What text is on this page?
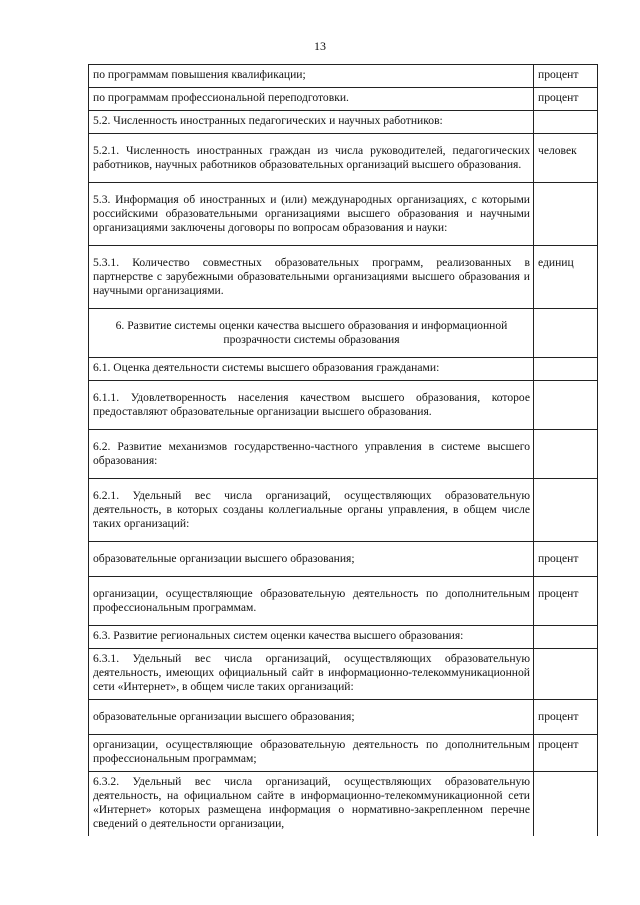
13
по программам повышения квалификации;	процент
по программам профессиональной переподготовки.	процент
5.2. Численность иностранных педагогических и научных работников:	
5.2.1. Численность иностранных граждан из числа руководителей, педагогических работников, научных работников образовательных организаций высшего образования.	человек
5.3. Информация об иностранных и (или) международных организациях, с которыми российскими образовательными организациями высшего образования и научными организациями заключены договоры по вопросам образования и науки:	
5.3.1. Количество совместных образовательных программ, реализованных в партнерстве с зарубежными образовательными организациями высшего образования и научными организациями.	единиц
6. Развитие системы оценки качества высшего образования и информационной прозрачности системы образования	
6.1. Оценка деятельности системы высшего образования гражданами:	
6.1.1. Удовлетворенность населения качеством высшего образования, которое предоставляют образовательные организации высшего образования.	
6.2. Развитие механизмов государственно-частного управления в системе высшего образования:	
6.2.1. Удельный вес числа организаций, осуществляющих образовательную деятельность, в которых созданы коллегиальные органы управления, в общем числе таких организаций:	
образовательные организации высшего образования;	процент
организации, осуществляющие образовательную деятельность по дополнительным профессиональным программам.	процент
6.3. Развитие региональных систем оценки качества высшего образования:	
6.3.1. Удельный вес числа организаций, осуществляющих образовательную деятельность, имеющих официальный сайт в информационно-телекоммуникационной сети «Интернет», в общем числе таких организаций:	
образовательные организации высшего образования;	процент
организации, осуществляющие образовательную деятельность по дополнительным профессиональным программам;	процент
6.3.2. Удельный вес числа организаций, осуществляющих образовательную деятельность, на официальном сайте в информационно-телекоммуникационной сети «Интернет» которых размещена информация о нормативно-закрепленном перечне сведений о деятельности организации,	
